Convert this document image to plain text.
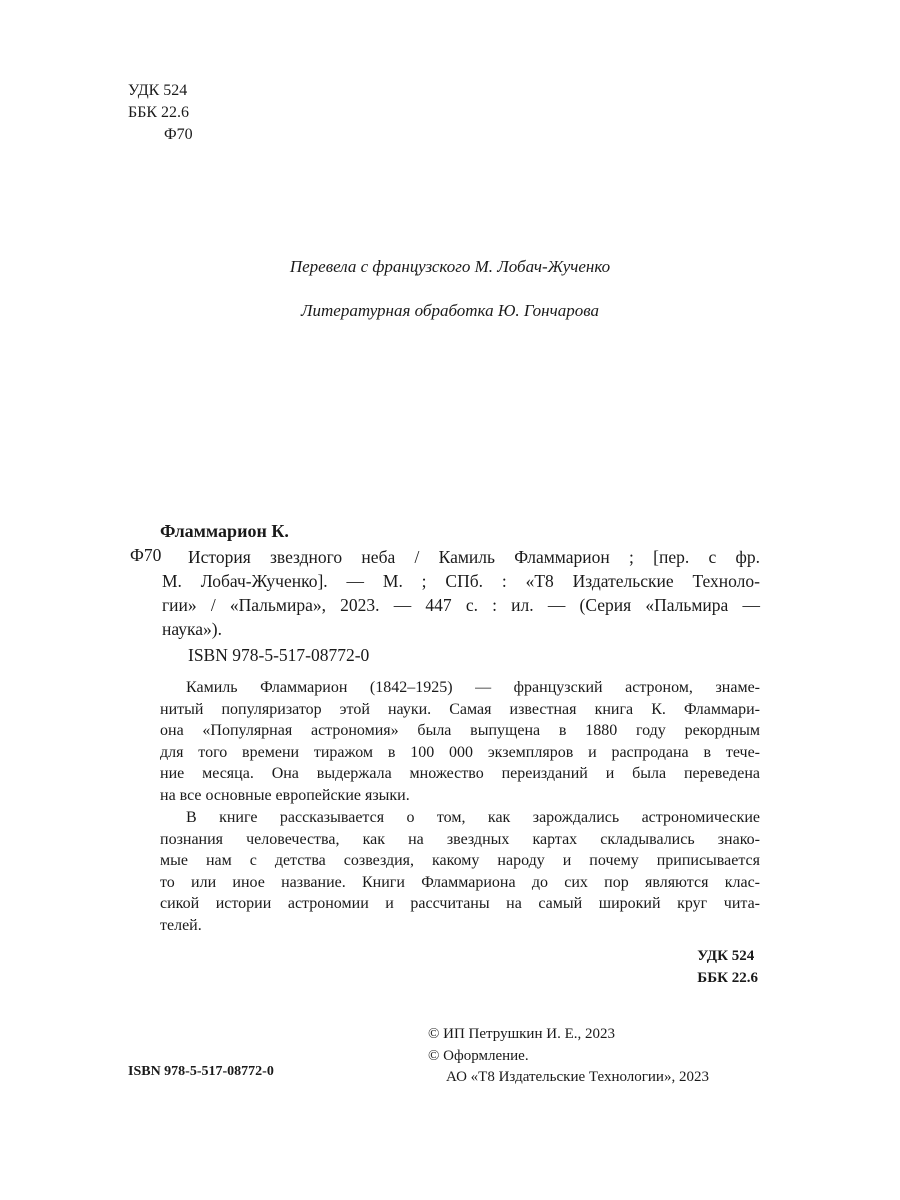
УДК 524
ББК 22.6
Ф70
Перевела с французского М. Лобач-Жученко
Литературная обработка Ю. Гончарова
Фламмарион К.
Ф70 История звездного неба / Камиль Фламмарион ; [пер. с фр.
М. Лобач-Жученко]. — М. ; СПб. : «Т8 Издательские Техноло-
гии» / «Пальмира», 2023. — 447 с. : ил. — (Серия «Пальмира —
наука»).
ISBN 978-5-517-08772-0
Камиль Фламмарион (1842–1925) — французский астроном, знаме-
нитый популяризатор этой науки. Самая известная книга К. Фламмари-
она «Популярная астрономия» была выпущена в 1880 году рекордным
для того времени тиражом в 100 000 экземпляров и распродана в тече-
ние месяца. Она выдержала множество переизданий и была переведена
на все основные европейские языки.
В книге рассказывается о том, как зарождались астрономические
познания человечества, как на звездных картах складывались знако-
мые нам с детства созвездия, какому народу и почему приписывается
то или иное название. Книги Фламмариона до сих пор являются клас-
сикой истории астрономии и рассчитаны на самый широкий круг чита-
телей.
УДК 524
ББК 22.6
© ИП Петрушкин И. Е., 2023
© Оформление.
АО «Т8 Издательские Технологии», 2023
ISBN 978-5-517-08772-0
